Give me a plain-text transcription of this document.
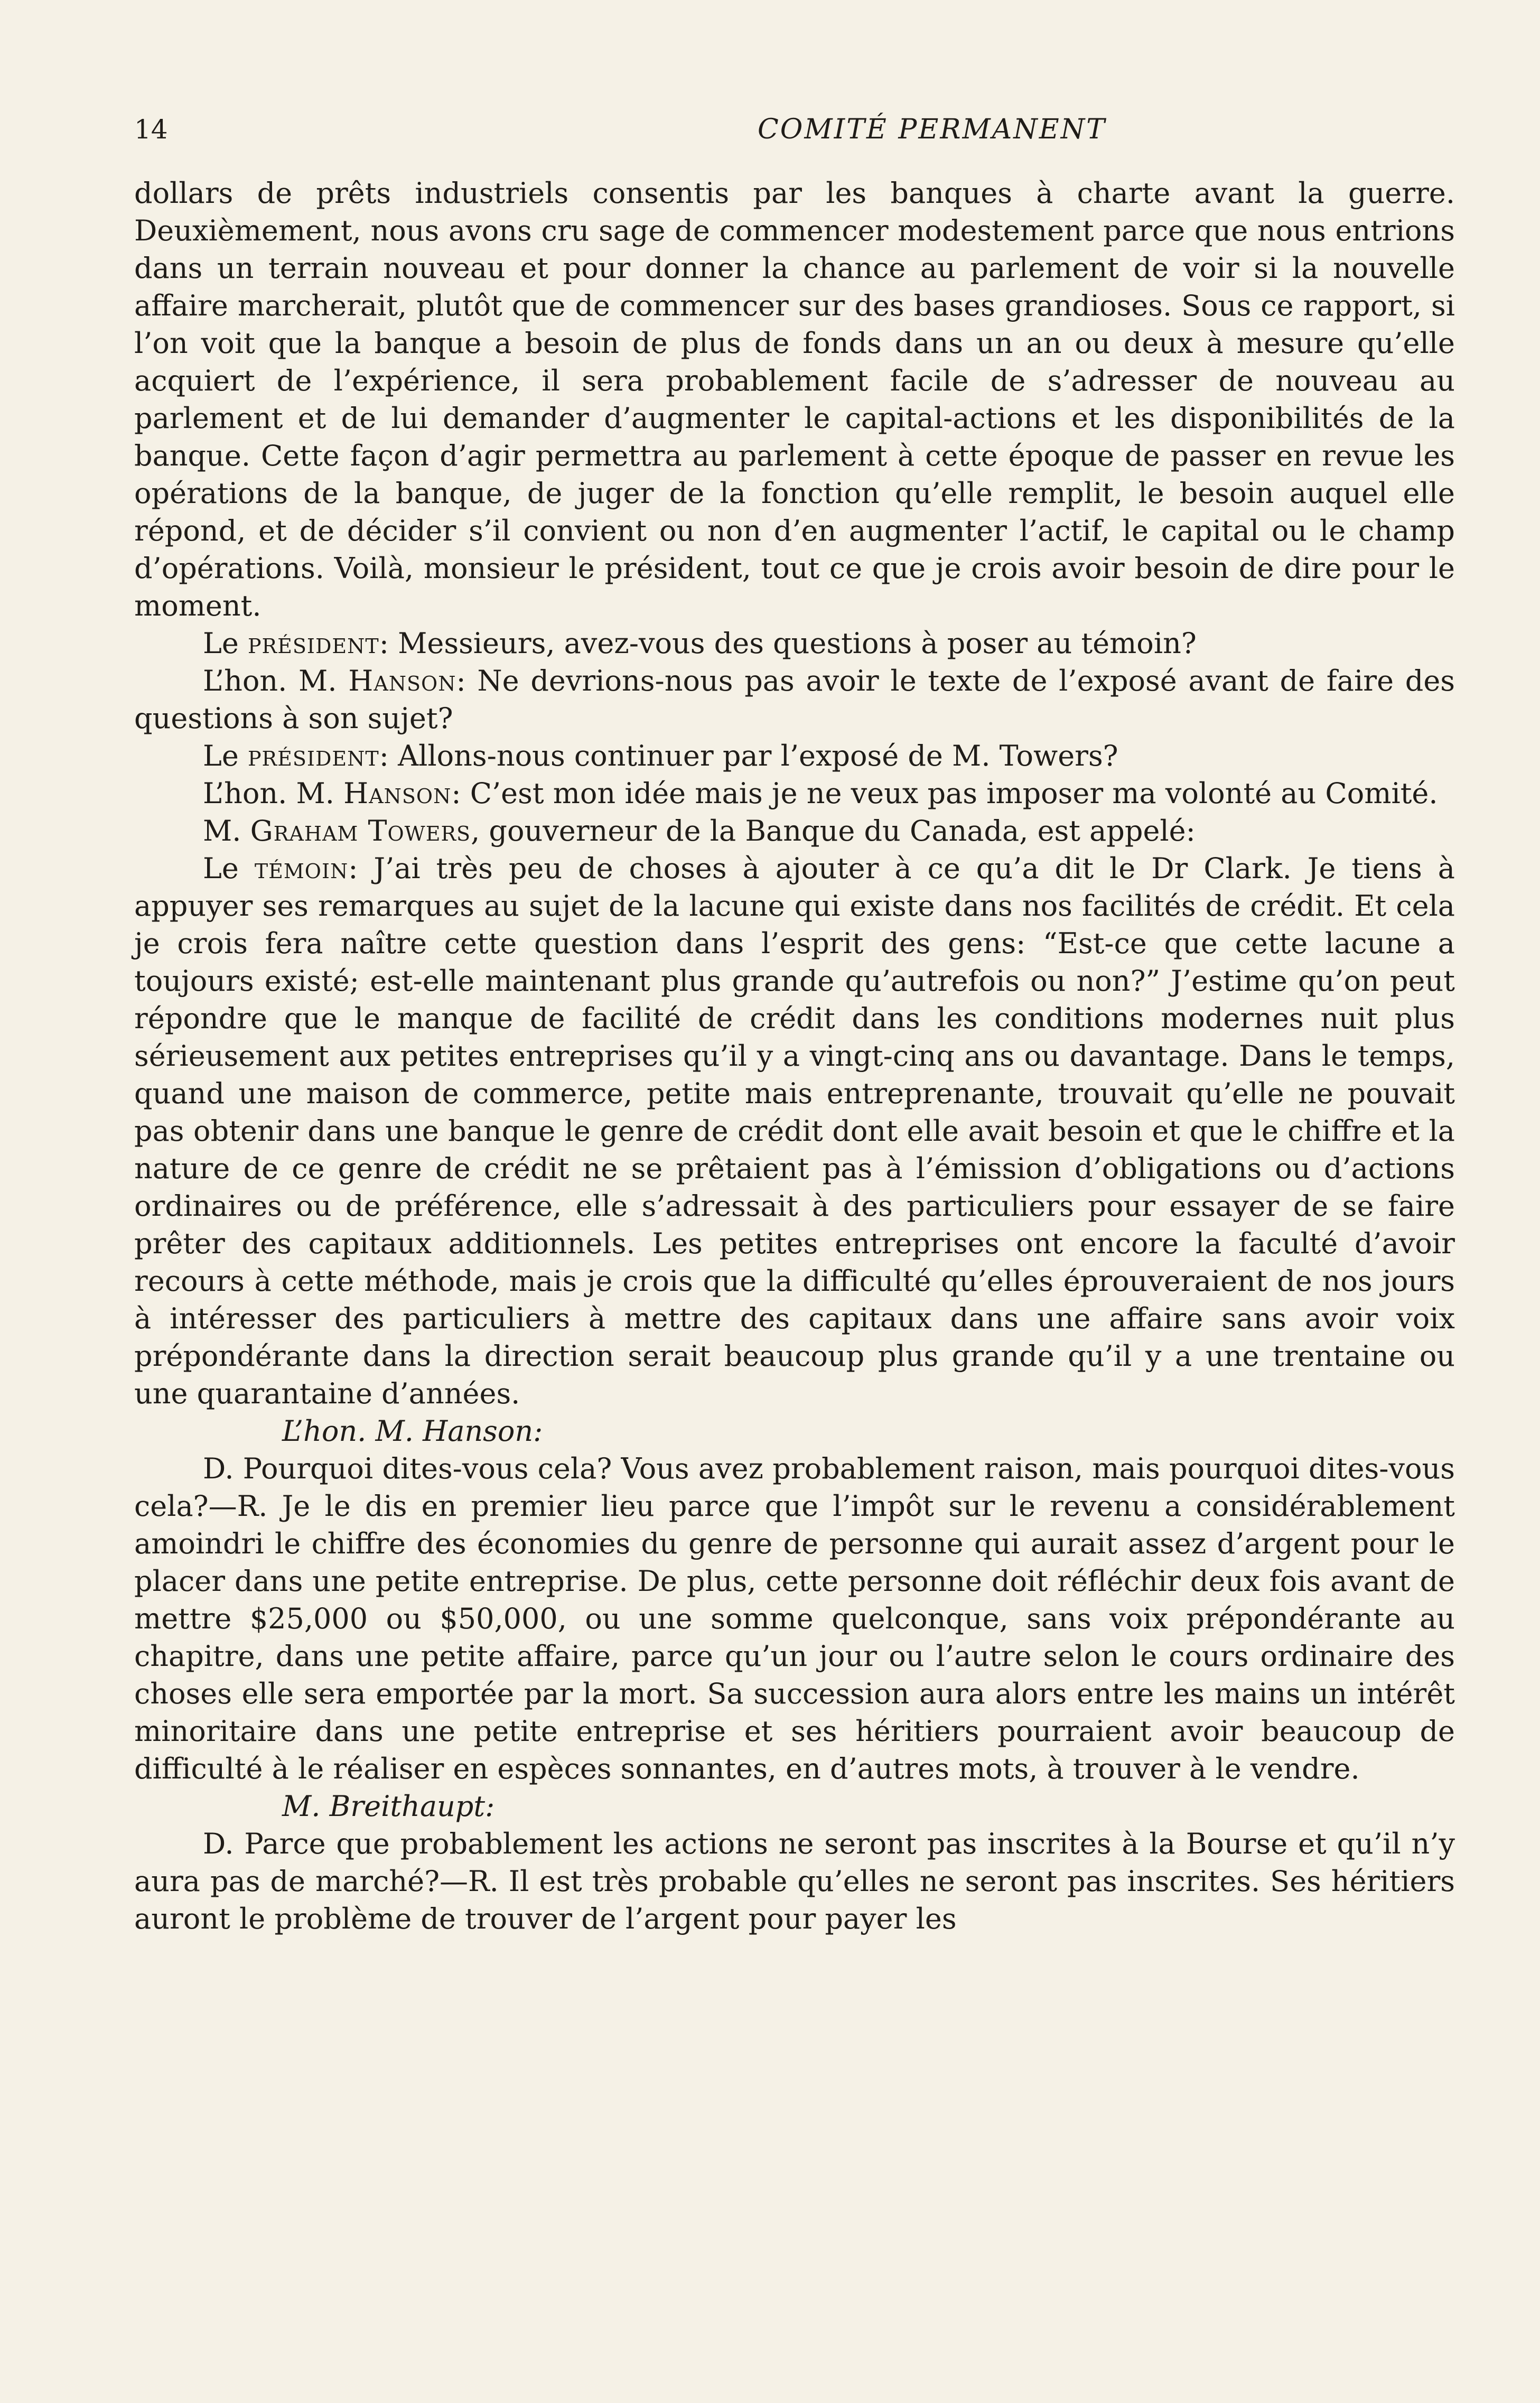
14	COMITÉ PERMANENT

dollars de prêts industriels consentis par les banques à charte avant la guerre. Deuxièmement, nous avons cru sage de commencer modestement parce que nous entrions dans un terrain nouveau et pour donner la chance au parlement de voir si la nouvelle affaire marcherait, plutôt que de commencer sur des bases grandioses. Sous ce rapport, si l’on voit que la banque a besoin de plus de fonds dans un an ou deux à mesure qu’elle acquiert de l’expérience, il sera probablement facile de s’adresser de nouveau au parlement et de lui demander d’augmenter le capital-actions et les disponibilités de la banque. Cette façon d’agir permettra au parlement à cette époque de passer en revue les opérations de la banque, de juger de la fonction qu’elle remplit, le besoin auquel elle répond, et de décider s’il convient ou non d’en augmenter l’actif, le capital ou le champ d’opérations. Voilà, monsieur le président, tout ce que je crois avoir besoin de dire pour le moment.

Le président: Messieurs, avez-vous des questions à poser au témoin?

L’hon. M. Hanson: Ne devrions-nous pas avoir le texte de l’exposé avant de faire des questions à son sujet?

Le président: Allons-nous continuer par l’exposé de M. Towers?

L’hon. M. Hanson: C’est mon idée mais je ne veux pas imposer ma volonté au Comité.

M. Graham Towers, gouverneur de la Banque du Canada, est appelé:

Le témoin: J’ai très peu de choses à ajouter à ce qu’a dit le Dr Clark. Je tiens à appuyer ses remarques au sujet de la lacune qui existe dans nos facilités de crédit. Et cela je crois fera naître cette question dans l’esprit des gens: “Est-ce que cette lacune a toujours existé; est-elle maintenant plus grande qu’autrefois ou non?” J’estime qu’on peut répondre que le manque de facilité de crédit dans les conditions modernes nuit plus sérieusement aux petites entreprises qu’il y a vingt-cinq ans ou davantage. Dans le temps, quand une maison de commerce, petite mais entreprenante, trouvait qu’elle ne pouvait pas obtenir dans une banque le genre de crédit dont elle avait besoin et que le chiffre et la nature de ce genre de crédit ne se prêtaient pas à l’émission d’obligations ou d’actions ordinaires ou de préférence, elle s’adressait à des particuliers pour essayer de se faire prêter des capitaux additionnels. Les petites entreprises ont encore la faculté d’avoir recours à cette méthode, mais je crois que la difficulté qu’elles éprouveraient de nos jours à intéresser des particuliers à mettre des capitaux dans une affaire sans avoir voix prépondérante dans la direction serait beaucoup plus grande qu’il y a une trentaine ou une quarantaine d’années.

L’hon. M. Hanson:

D. Pourquoi dites-vous cela? Vous avez probablement raison, mais pourquoi dites-vous cela?—R. Je le dis en premier lieu parce que l’impôt sur le revenu a considérablement amoindri le chiffre des économies du genre de personne qui aurait assez d’argent pour le placer dans une petite entreprise. De plus, cette personne doit réfléchir deux fois avant de mettre $25,000 ou $50,000, ou une somme quelconque, sans voix prépondérante au chapitre, dans une petite affaire, parce qu’un jour ou l’autre selon le cours ordinaire des choses elle sera emportée par la mort. Sa succession aura alors entre les mains un intérêt minoritaire dans une petite entreprise et ses héritiers pourraient avoir beaucoup de difficulté à le réaliser en espèces sonnantes, en d’autres mots, à trouver à le vendre.

M. Breithaupt:

D. Parce que probablement les actions ne seront pas inscrites à la Bourse et qu’il n’y aura pas de marché?—R. Il est très probable qu’elles ne seront pas inscrites. Ses héritiers auront le problème de trouver de l’argent pour payer les
